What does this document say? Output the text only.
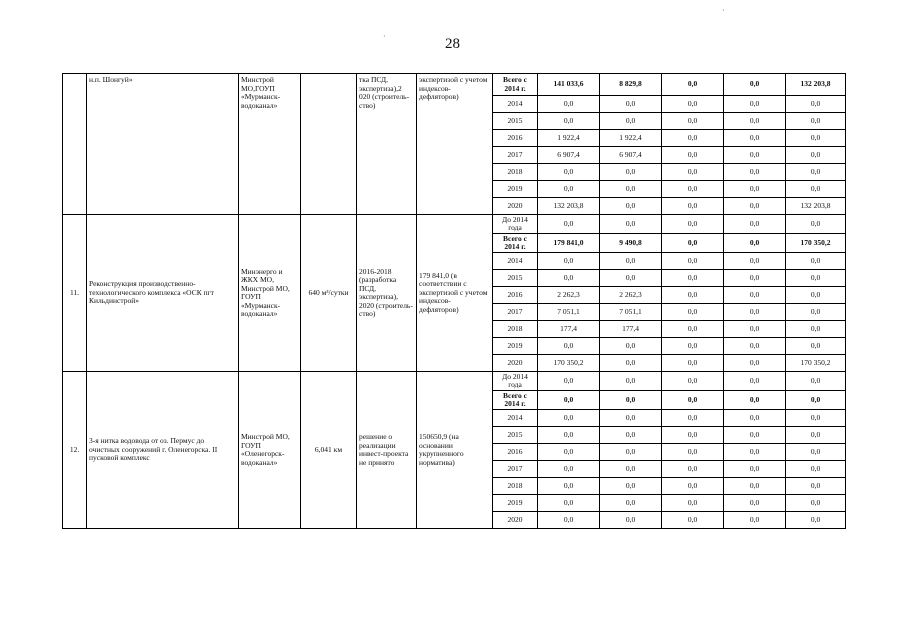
28
·
·
	н.п. Шонгуй»	Минстрой МО,ГОУП «Мурманск-водоканал»		тка ПСД, экспертиза),2 020 (строитель-ство)	экспертизой с учетом индексов-дефляторов)	Всего с 2014 г.	141 033,6	8 829,8	0,0	0,0	132 203,8
						2014	0,0	0,0	0,0	0,0	0,0
						2015	0,0	0,0	0,0	0,0	0,0
						2016	1 922,4	1 922,4	0,0	0,0	0,0
						2017	6 907,4	6 907,4	0,0	0,0	0,0
						2018	0,0	0,0	0,0	0,0	0,0
						2019	0,0	0,0	0,0	0,0	0,0
						2020	132 203,8	0,0	0,0	0,0	132 203,8
11.	Реконструкция производственно-технологического комплекса «ОСК пгт Кильдинстрой»	Минэнерго и ЖКХ МО, Минстрой МО, ГОУП «Мурманск-водоканал»	640 м³/сутки	2016-2018 (разработка ПСД, экспертиза), 2020 (строитель-ство)	179 841,0 (в соответствии с экспертизой с учетом индексов-дефляторов)	До 2014 года	0,0	0,0	0,0	0,0	0,0
						Всего с 2014 г.	179 841,0	9 490,8	0,0	0,0	170 350,2
						2014	0,0	0,0	0,0	0,0	0,0
						2015	0,0	0,0	0,0	0,0	0,0
						2016	2 262,3	2 262,3	0,0	0,0	0,0
						2017	7 051,1	7 051,1	0,0	0,0	0,0
						2018	177,4	177,4	0,0	0,0	0,0
						2019	0,0	0,0	0,0	0,0	0,0
						2020	170 350,2	0,0	0,0	0,0	170 350,2
12.	3-я нитка водовода от оз. Пермус до очистных сооружений г. Оленегорска. II пусковой комплекс	Минстрой МО, ГОУП «Оленегорск-водоканал»	6,041 км	решение о реализации инвест-проекта не принято	150650,9 (на основании укрупненного норматива)	До 2014 года	0,0	0,0	0,0	0,0	0,0
						Всего с 2014 г.	0,0	0,0	0,0	0,0	0,0
						2014	0,0	0,0	0,0	0,0	0,0
						2015	0,0	0,0	0,0	0,0	0,0
						2016	0,0	0,0	0,0	0,0	0,0
						2017	0,0	0,0	0,0	0,0	0,0
						2018	0,0	0,0	0,0	0,0	0,0
						2019	0,0	0,0	0,0	0,0	0,0
						2020	0,0	0,0	0,0	0,0	0,0
